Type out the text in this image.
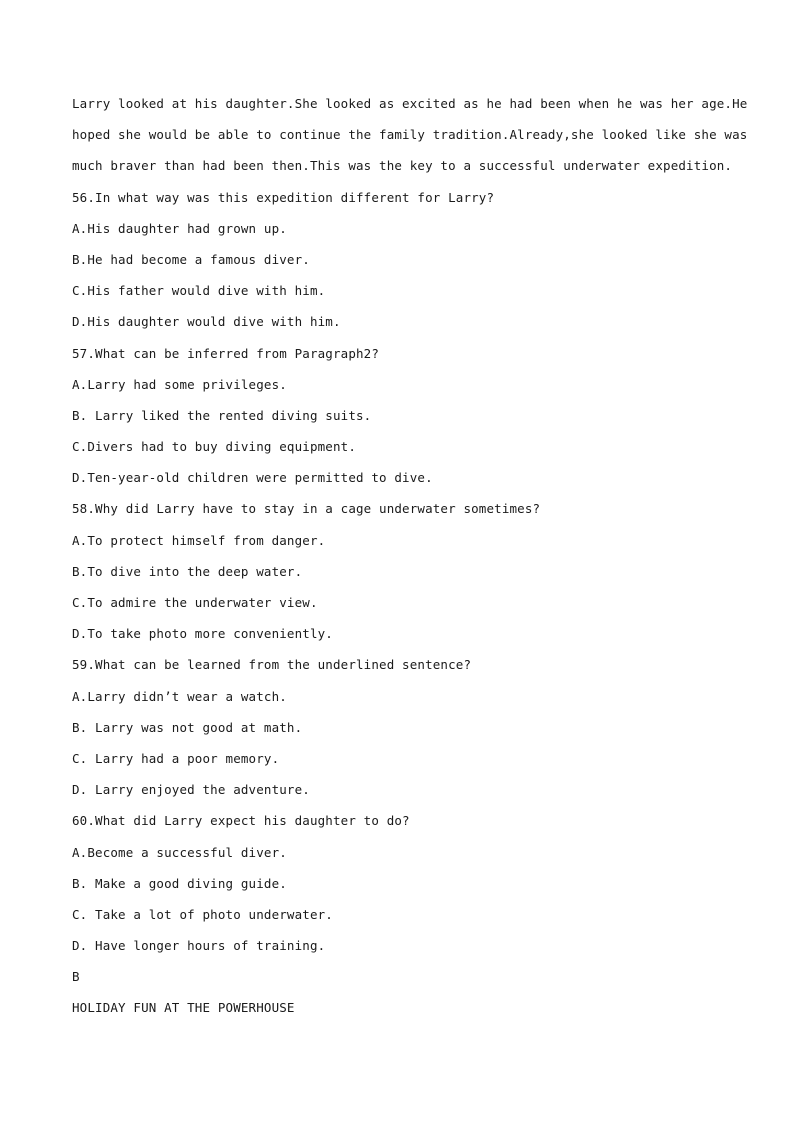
Larry looked at his daughter.She looked as excited as he had been when he was her age.He
hoped she would be able to continue the family tradition.Already,she looked like she was
much braver than had been then.This was the key to a successful underwater expedition.
56.In what way was this expedition different for Larry?
A.His daughter had grown up.
B.He had become a famous diver.
C.His father would dive with him.
D.His daughter would dive with him.
57.What can be inferred from Paragraph2?
A.Larry had some privileges.
B. Larry liked the rented diving suits.
C.Divers had to buy diving equipment.
D.Ten-year-old children were permitted to dive.
58.Why did Larry have to stay in a cage underwater sometimes?
A.To protect himself from danger.
B.To dive into the deep water.
C.To admire the underwater view.
D.To take photo more conveniently.
59.What can be learned from the underlined sentence?
A.Larry didn’t wear a watch.
B. Larry was not good at math.
C. Larry had a poor memory.
D. Larry enjoyed the adventure.
60.What did Larry expect his daughter to do?
A.Become a successful diver.
B. Make a good diving guide.
C. Take a lot of photo underwater.
D. Have longer hours of training.
B
HOLIDAY FUN AT THE POWERHOUSE
